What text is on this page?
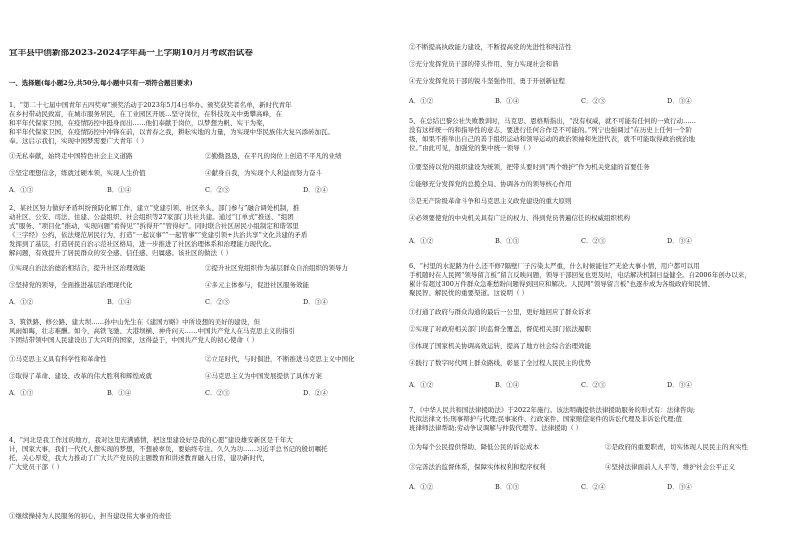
宜丰县中创新部2023-2024学年高一上学期10月月考政治试卷
一、选择题(每小题2分,共50分,每小题中只有一项符合题目要求)
1、“第二十七届中国青年五四奖章”颁奖活动于2023年5月4日举办。颁奖获奖者名单，新时代青年
在乡村带动民致富，在城市服务居民，在工业园区开展…坚守岗位，在科技攻关中勇攀高峰，在
和平年代保家卫国，在疫情防控中挺身而出……他们奉献于岗位，以梦想为帆、实干为桨，
和平年代保家卫国，在疫情防控中冲锋在前，以青春之我，耕耘实地的力量，为实现中华民族伟大复兴添砖加瓦。
奉。这启示我们，实现中国梦需要广大青年（ ）
①无私奉献，始终走中国特色社会主义道路	②勤勤恳恳，在平凡的岗位上创造不平凡的业绩
③坚定理想信念，练就过硬本领，实现人生价值	④献身自我，为实现个人利益而努力奋斗
A．①③	B．①④	C．②③	D．②④
2、某社区努力做好矛盾纠纷预防化解工作，建立“党建引领、社区牵头、部门参与”融合调处机制，推
动社区、公安、司法、住建、公益组织、社会组织等27家部门共社共建。通过“订单式”推送、“组团
式”服务、“项目化”推动，实现问题“看得见”“拆得开”“管得好”。同时联合社区居民小组制定和谐邻里
《三字经》公约，依法规范居民行为，打造“一起议事”“一起管事”“党建引领+共治共享”文化共建的矛盾
发挥到了基层，打造居民自治示范社区格局，进一步推进了社区治理体系和治理能力现代化。
解问题，有效提升了居民群众的安全感、信任感、归属感。该社区的做法（ ）
①实现自治法治德治相结合，提升社区治理效能	②提升社区党组织作为基层群众自治组织的领导力
③坚持党的领导，全面推进基层治理现代化	④多元主体参与，促进社区服务效能
A．①②	B．①④	C．②③	D．③④
3、筑铁路、修公路、建大坝……孙中山先生在《建国方略》中所设想的美好的建设，但
风雨如晦，壮志难酬。如今，高铁飞驰、大港坝横、神舟问天……中国共产党人在马克思主义的指引
下团结带领中国人民建设出了大兴旺的国家，这得益于，中国共产党人的初心使命（ ）
①马克思主义具有科学性和革命性	②立足时代，与时俱进，不断推进马克思主义中国化
③取得了革命、建设、改革的伟大胜利和辉煌成就	④马克思主义为中国发展提供了具体方案
A．①③	B．①④	C．②③	D．②④
4、“河北是我工作过的地方，我对这里充满感情，把这里建设好是我的心愿”建设雄安新区是千年大
计，国家大事，我们一代代人想实现的梦想，不想被辜负，要始终专注、久久为功……习近平总书记的殷切嘱托
托，关心厚爱，我大力推动了广大共产党员的主题教育和讲述教育融入日常，建功新时代，
广大党员干部（ ）
①继续操持为人民服务的初心，担当建设伟大事业的责任
②不断提高执政能力建设，不断提高党的先进性和纯洁性
③充分发挥党员干部的带头作用，努力实现社会和谐
④充分发挥党员干部的锐斗坚强作用，勇于开创新征程
A．①②	B．①④	C．②③	D．③④
5、在总结巴黎公社失败教训时，马克思、恩格斯指出，“没有权威，就不可能有任何的一致行动……
没有这样统一的和指导性的意志，要进行任何合作是不可能的。”列宁也强调过“在历史上任何一个阶
级，如果不推举出自己的善于组织运动和领导运动的政治领袖和先进代表，就不可能取得政治统治地
位。”由此可见，加强党的集中统一领导（ ）
①要坚持以党的组织建设为统领，把带头要时到“两个维护”作为机关党建的首要任务
②能够充分发挥党的总揽全局、协调各方的领导核心作用
③是无产阶级革命斗争和马克思主义政党建设的重大原则
④必须要使党的中央机关具有广泛的权力、得到党员普遍信任的权威组织机构
A．①②	B．①③	C．②③	D．③④
6、“村里的水泥路为什么还不修?隔壁厂子污染太严重，什么时候能往?”无论大事小情，用户都可以用
手机随时在人民网“领导留言板”留言反映问题，领导干部回复也更及时，电话解决机制日益健全。自2006年创办以来，
累计有超过300万件群众急难愁盼问题得到回应和解决。人民网“领导留言板”也逐步成为各级政府知民情、
聚民智、解民忧的重要渠道。这说明（ ）
①打通了政府与群众沟通的最后一公里，更好地回应了群众诉求
②实现了对政府相关部门的监督全覆盖，督促相关部门依法履职
③体现了国家机关协调高效运转，提高了地方社会综合治理效能
④践行了数字时代网上群众路线，彰显了全过程人民民主的优势
A．①②	B．①④	C．②③	D．③④
7、《中华人民共和国法律援助法》于2022年施行。该法明确提供法律援助服务的形式有：法律咨询;
代拟法律文书;刑事辩护与代理;民事案件、行政案件、国家赔偿案件的诉讼代理及非诉讼代理;值
班律师法律帮助;劳动争议调解与仲裁代理等。法律援助（ ）
①为每个公民提供帮助，降低公民的诉讼成本	②是政府的重要职责，切实体现人民民主的真实性
③完善法治监督体系，保障实体权利和程序权利	④坚持法律面前人人平等，维护社会公平正义
A．①②	B．①③	C．②④	D．③④
